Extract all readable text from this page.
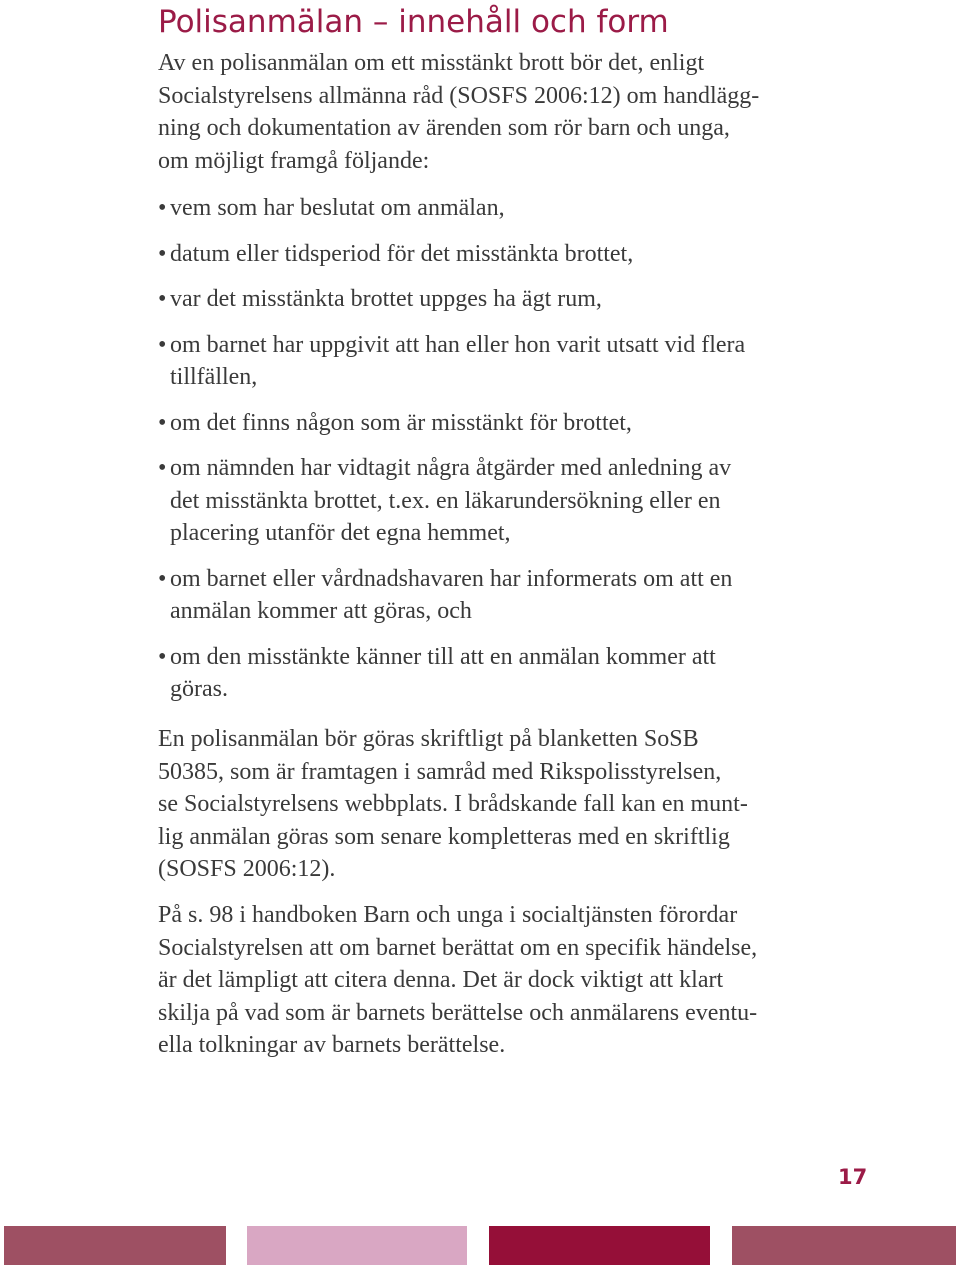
Polisanmälan – innehåll och form
Av en polisanmälan om ett misstänkt brott bör det, enligt
Socialstyrelsens allmänna råd (SOSFS 2006:12) om handlägg-
ning och dokumentation av ärenden som rör barn och unga,
om möjligt framgå följande:
• vem som har beslutat om anmälan,
• datum eller tidsperiod för det misstänkta brottet,
• var det misstänkta brottet uppges ha ägt rum,
• om barnet har uppgivit att han eller hon varit utsatt vid flera
tillfällen,
• om det finns någon som är misstänkt för brottet,
• om nämnden har vidtagit några åtgärder med anledning av
det misstänkta brottet, t.ex. en läkarundersökning eller en
placering utanför det egna hemmet,
• om barnet eller vårdnadshavaren har informerats om att en
anmälan kommer att göras, och
• om den misstänkte känner till att en anmälan kommer att
göras.
En polisanmälan bör göras skriftligt på blanketten SoSB
50385, som är framtagen i samråd med Rikspolisstyrelsen,
se Socialstyrelsens webbplats. I brådskande fall kan en munt-
lig anmälan göras som senare kompletteras med en skriftlig
(SOSFS 2006:12).
På s. 98 i handboken Barn och unga i socialtjänsten förordar
Socialstyrelsen att om barnet berättat om en specifik händelse,
är det lämpligt att citera denna. Det är dock viktigt att klart
skilja på vad som är barnets berättelse och anmälarens eventu-
ella tolkningar av barnets berättelse.
17
